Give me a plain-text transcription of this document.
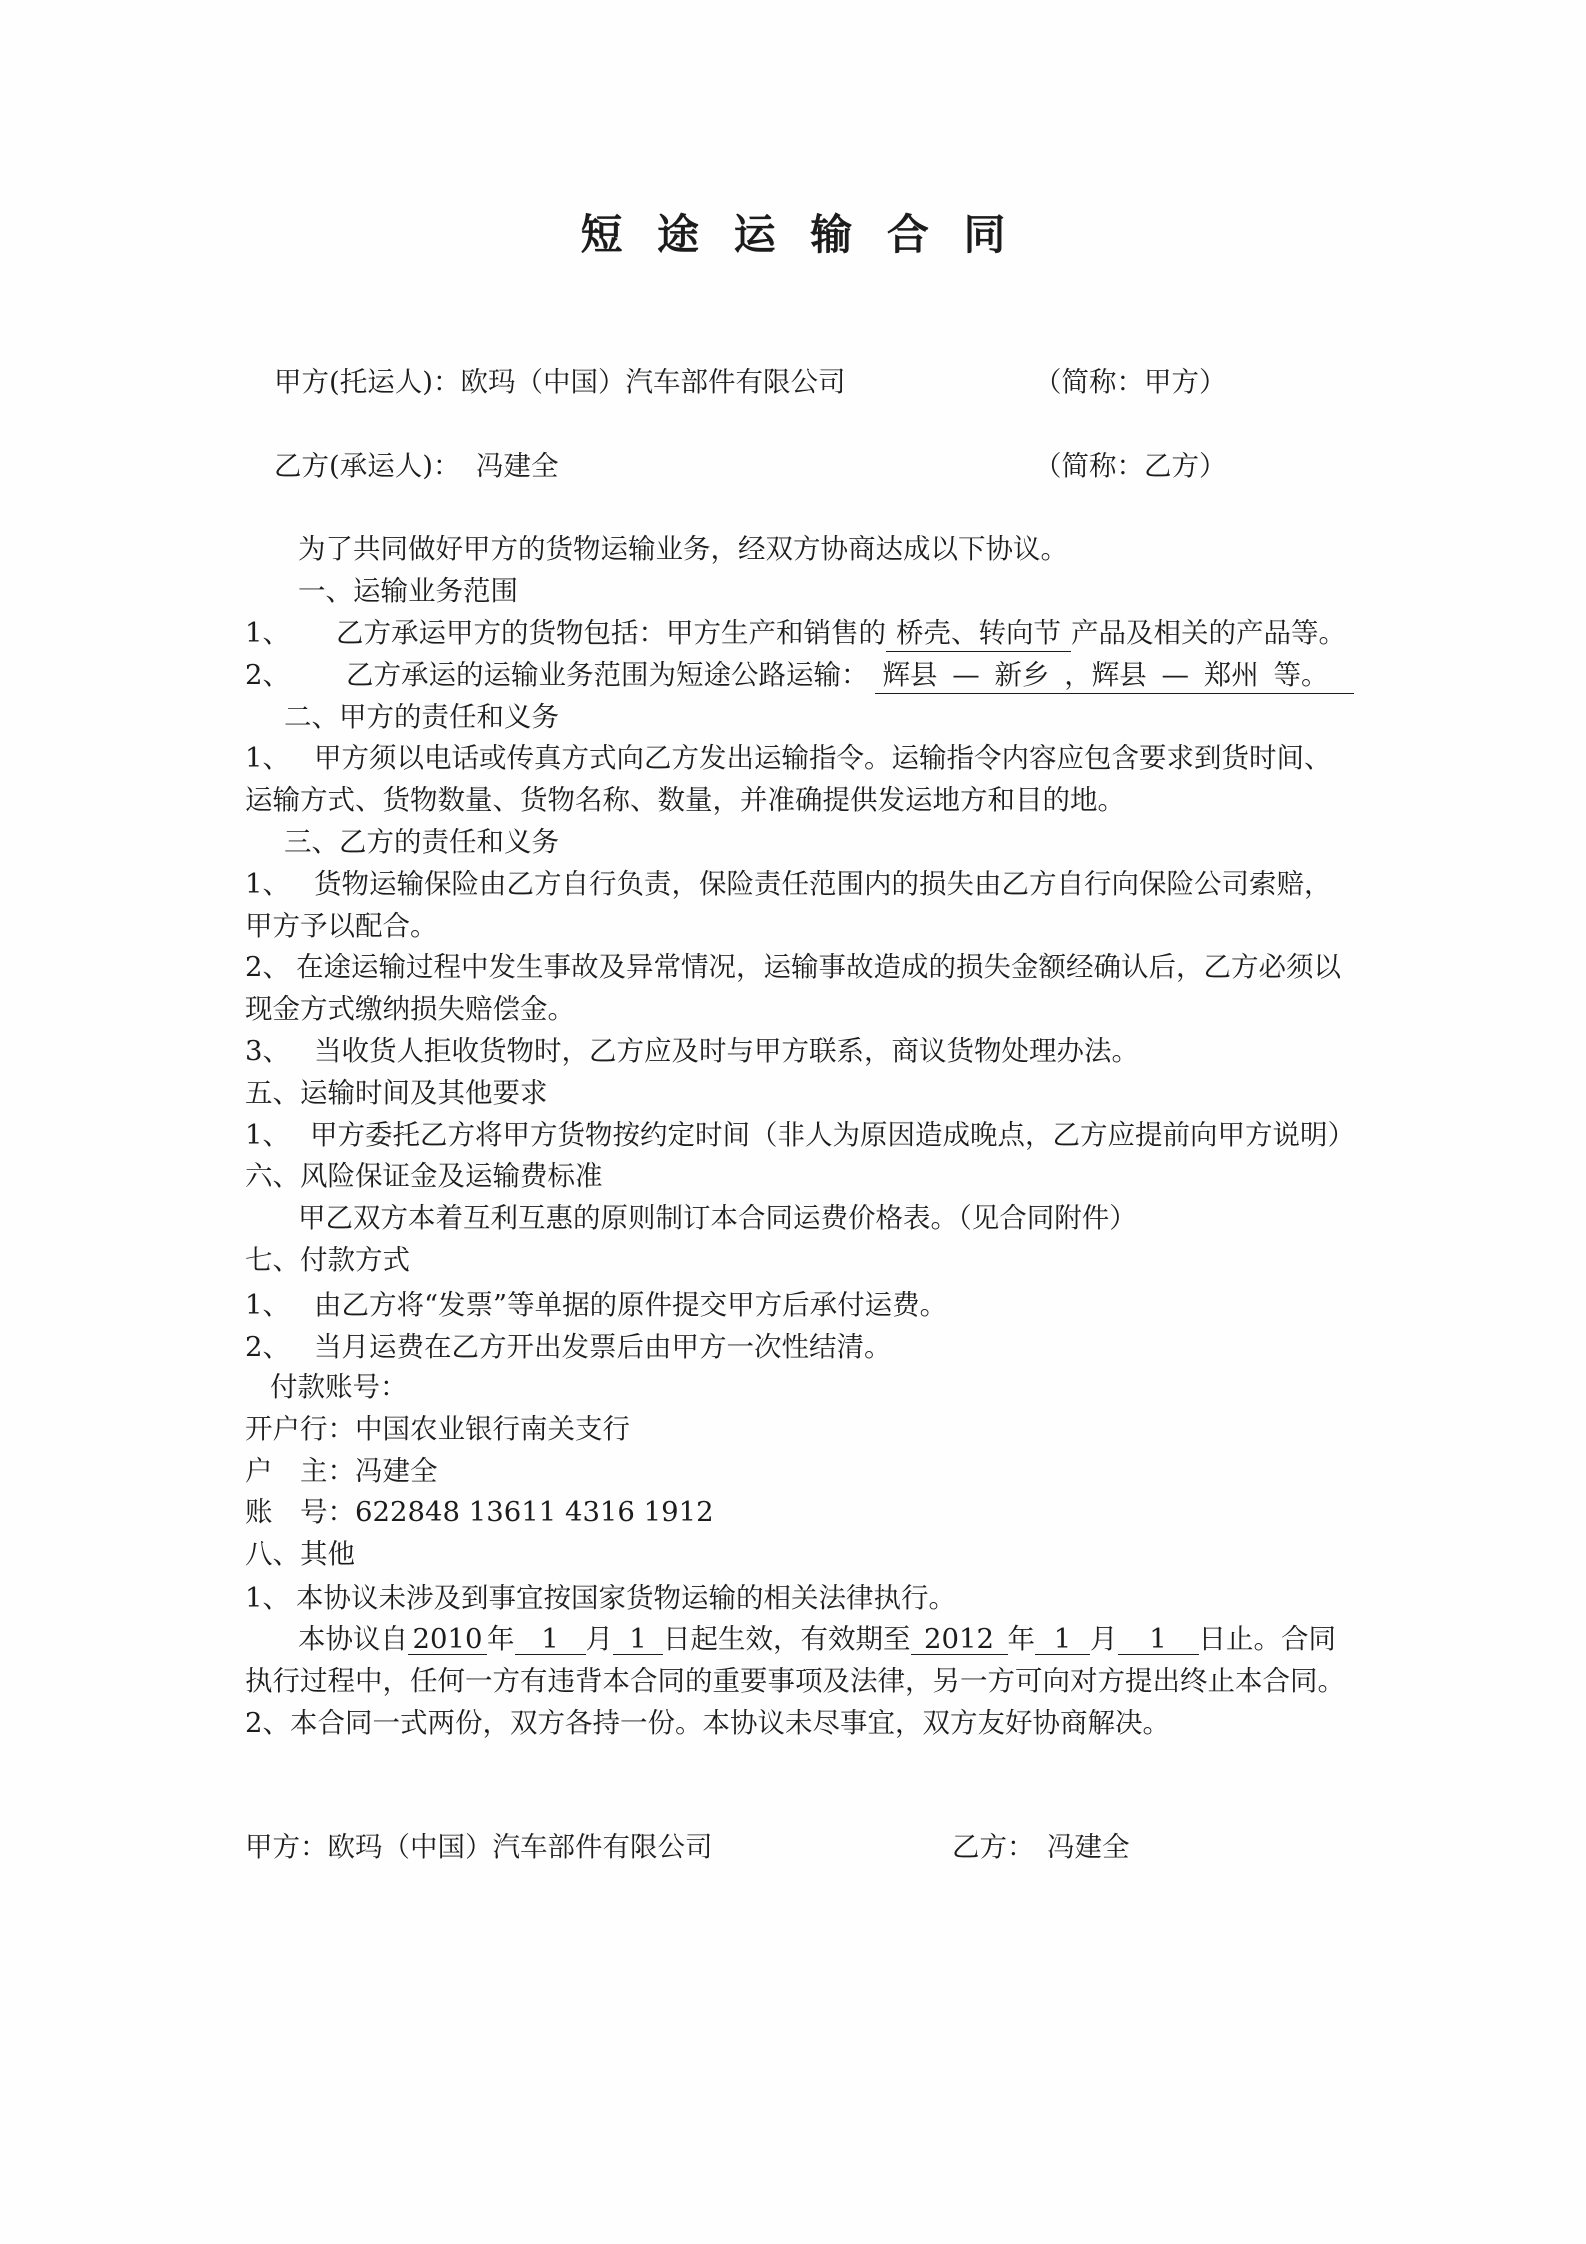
短 途 运 输 合 同
甲方(托运人)：欧玛（中国）汽车部件有限公司	（简称：甲方）
乙方(承运人)： 冯建全	（简称：乙方）
为了共同做好甲方的货物运输业务，经双方协商达成以下协议。
一、运输业务范围
1、 乙方承运甲方的货物包括：甲方生产和销售的 桥壳、转向节 产品及相关的产品等。
2、 乙方承运的运输业务范围为短途公路运输： 辉县 — 新乡 ，辉县 — 郑州 等。
二、甲方的责任和义务
1、 甲方须以电话或传真方式向乙方发出运输指令。运输指令内容应包含要求到货时间、
运输方式、货物数量、货物名称、数量，并准确提供发运地方和目的地。
三、乙方的责任和义务
1、 货物运输保险由乙方自行负责，保险责任范围内的损失由乙方自行向保险公司索赔，
甲方予以配合。
2、 在途运输过程中发生事故及异常情况，运输事故造成的损失金额经确认后，乙方必须以
现金方式缴纳损失赔偿金。
3、 当收货人拒收货物时，乙方应及时与甲方联系，商议货物处理办法。
五、运输时间及其他要求
1、 甲方委托乙方将甲方货物按约定时间（非人为原因造成晚点，乙方应提前向甲方说明）
六、风险保证金及运输费标准
甲乙双方本着互利互惠的原则制订本合同运费价格表。（见合同附件）
七、付款方式
1、 由乙方将“发票”等单据的原件提交甲方后承付运费。
2、 当月运费在乙方开出发票后由甲方一次性结清。
付款账号：
开户行：中国农业银行南关支行
户　主：冯建全
账　号：622848 13611 4316 1912
八、其他
1、 本协议未涉及到事宜按国家货物运输的相关法律执行。
本协议自 2010 年 1 月 1 日起生效，有效期至 2012 年 1 月 1 日止。合同
执行过程中，任何一方有违背本合同的重要事项及法律，另一方可向对方提出终止本合同。
2、本合同一式两份，双方各持一份。本协议未尽事宜，双方友好协商解决。
甲方：欧玛（中国）汽车部件有限公司	乙方： 冯建全
